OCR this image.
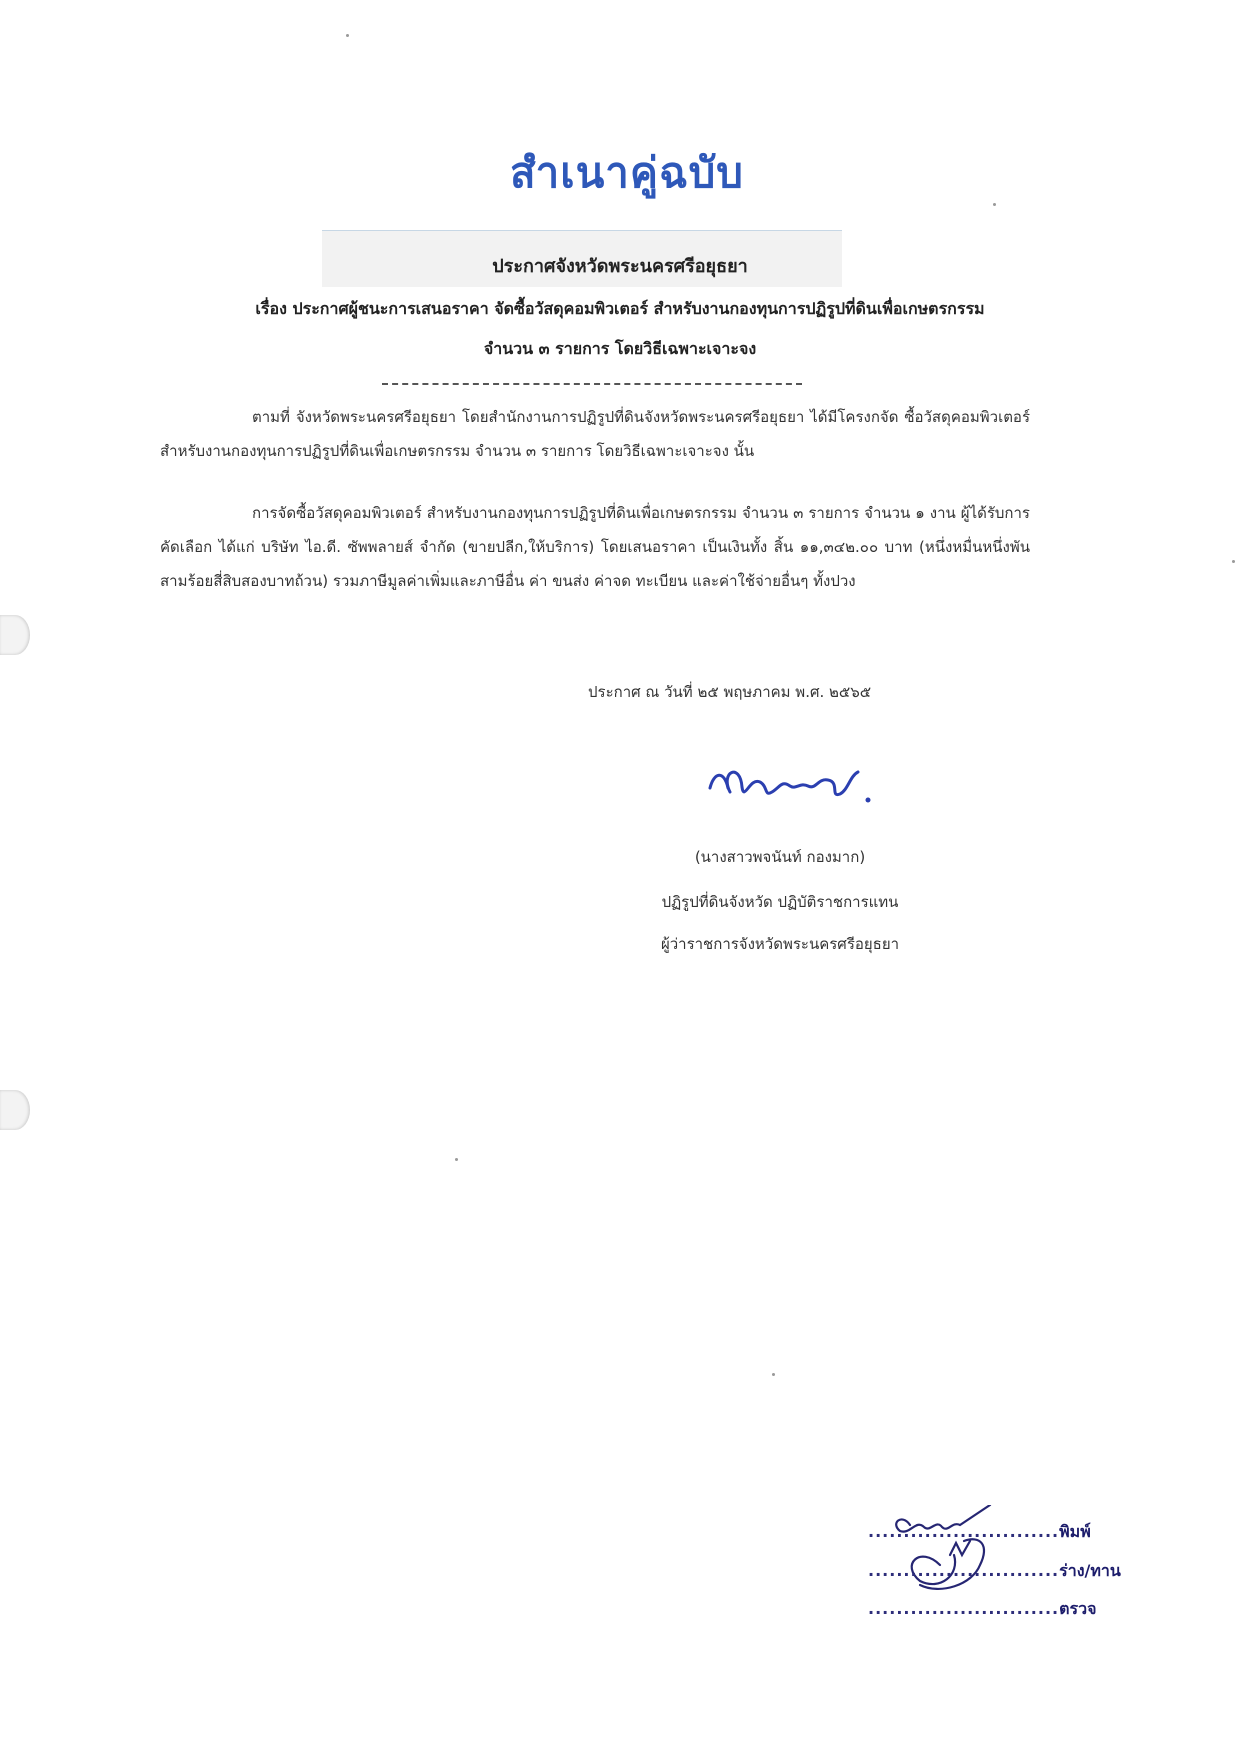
สำเนาคู่ฉบับ
ประกาศจังหวัดพระนครศรีอยุธยา
เรื่อง ประกาศผู้ชนะการเสนอราคา จัดซื้อวัสดุคอมพิวเตอร์ สำหรับงานกองทุนการปฏิรูปที่ดินเพื่อเกษตรกรรม
จำนวน ๓ รายการ โดยวิธีเฉพาะเจาะจง
ตามที่ จังหวัดพระนครศรีอยุธยา โดยสำนักงานการปฏิรูปที่ดินจังหวัดพระนครศรีอยุธยา ได้มีโครงกจัด ซื้อวัสดุคอมพิวเตอร์ สำหรับงานกองทุนการปฏิรูปที่ดินเพื่อเกษตรกรรม จำนวน ๓ รายการ โดยวิธีเฉพาะเจาะจง นั้น
การจัดซื้อวัสดุคอมพิวเตอร์ สำหรับงานกองทุนการปฏิรูปที่ดินเพื่อเกษตรกรรม จำนวน ๓ รายการ จำนวน ๑ งาน ผู้ได้รับการคัดเลือก ได้แก่ บริษัท ไอ.ดี. ซัพพลายส์ จำกัด (ขายปลีก,ให้บริการ) โดยเสนอราคา เป็นเงินทั้ง สิ้น ๑๑,๓๔๒.๐๐ บาท (หนึ่งหมื่นหนึ่งพันสามร้อยสี่สิบสองบาทถ้วน) รวมภาษีมูลค่าเพิ่มและภาษีอื่น ค่า ขนส่ง ค่าจด ทะเบียน และค่าใช้จ่ายอื่นๆ ทั้งปวง
ประกาศ ณ วันที่ ๒๕ พฤษภาคม พ.ศ. ๒๕๖๕
(นางสาวพจนันท์ กองมาก)
ปฏิรูปที่ดินจังหวัด ปฏิบัติราชการแทน
ผู้ว่าราชการจังหวัดพระนครศรีอยุธยา
...........................พิมพ์
...........................ร่าง/ทาน
...........................ตรวจ
